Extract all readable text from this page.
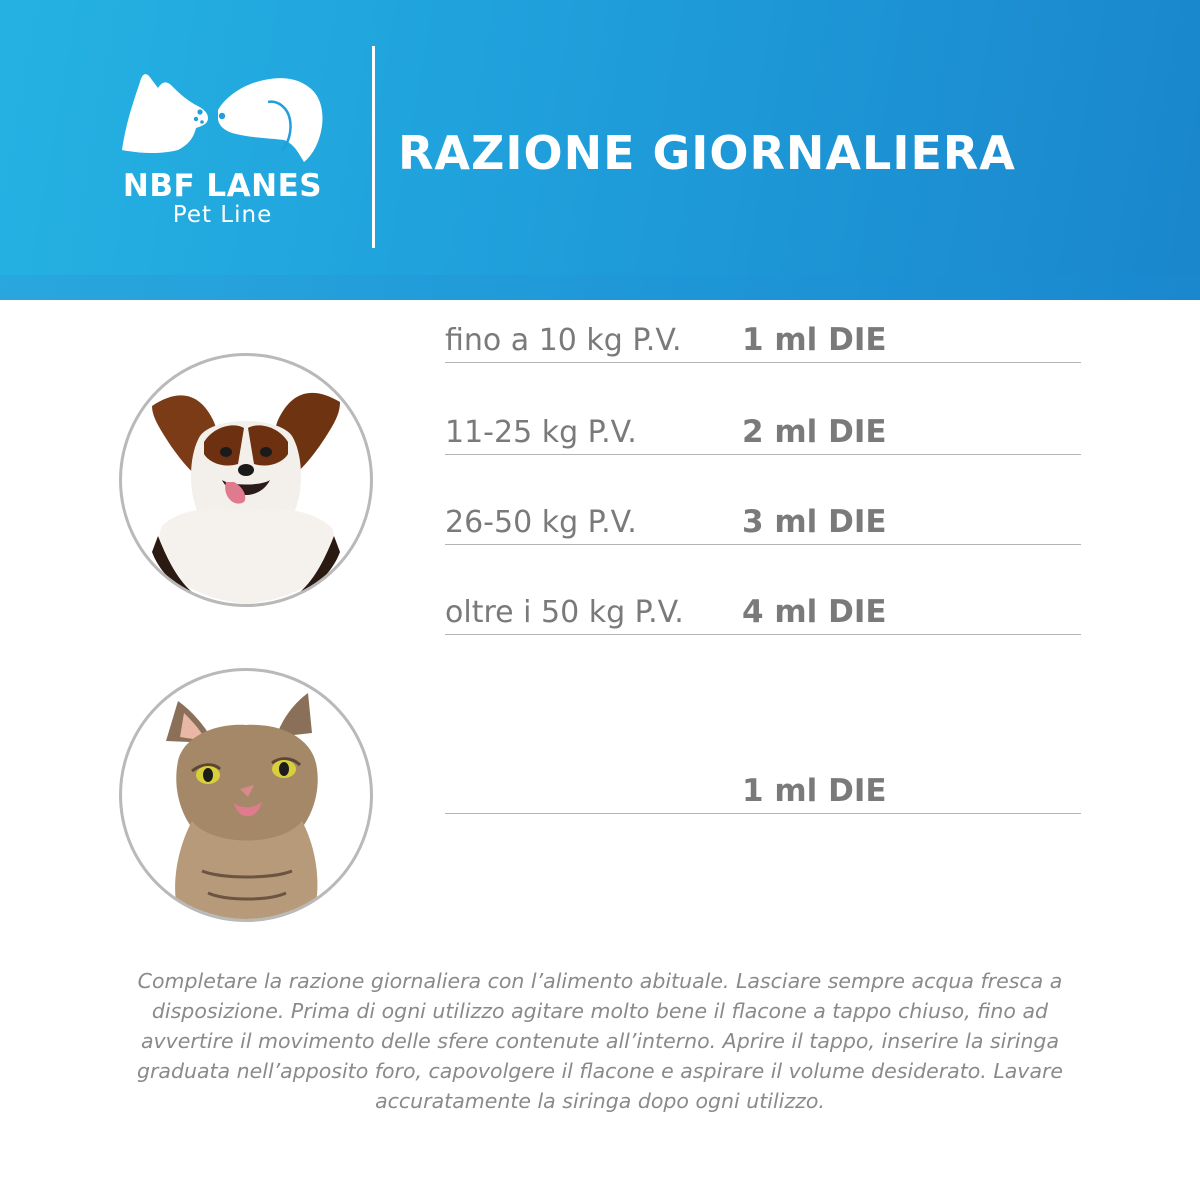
NBF LANES
Pet Line
RAZIONE GIORNALIERA
fino a 10 kg P.V. 1 ml DIE
11-25 kg P.V.	2 ml DIE
26-50 kg P.V.	3 ml DIE
oltre i 50 kg P.V. 4 ml DIE
1 ml DIE
Completare la razione giornaliera con l’alimento abituale. Lasciare sempre acqua fresca a disposizione. Prima di ogni utilizzo agitare molto bene il flacone a tappo chiuso, fino ad avvertire il movimento delle sfere contenute all’interno. Aprire il tappo, inserire la siringa graduata nell’apposito foro, capovolgere il flacone e aspirare il volume desiderato. Lavare accuratamente la siringa dopo ogni utilizzo.
